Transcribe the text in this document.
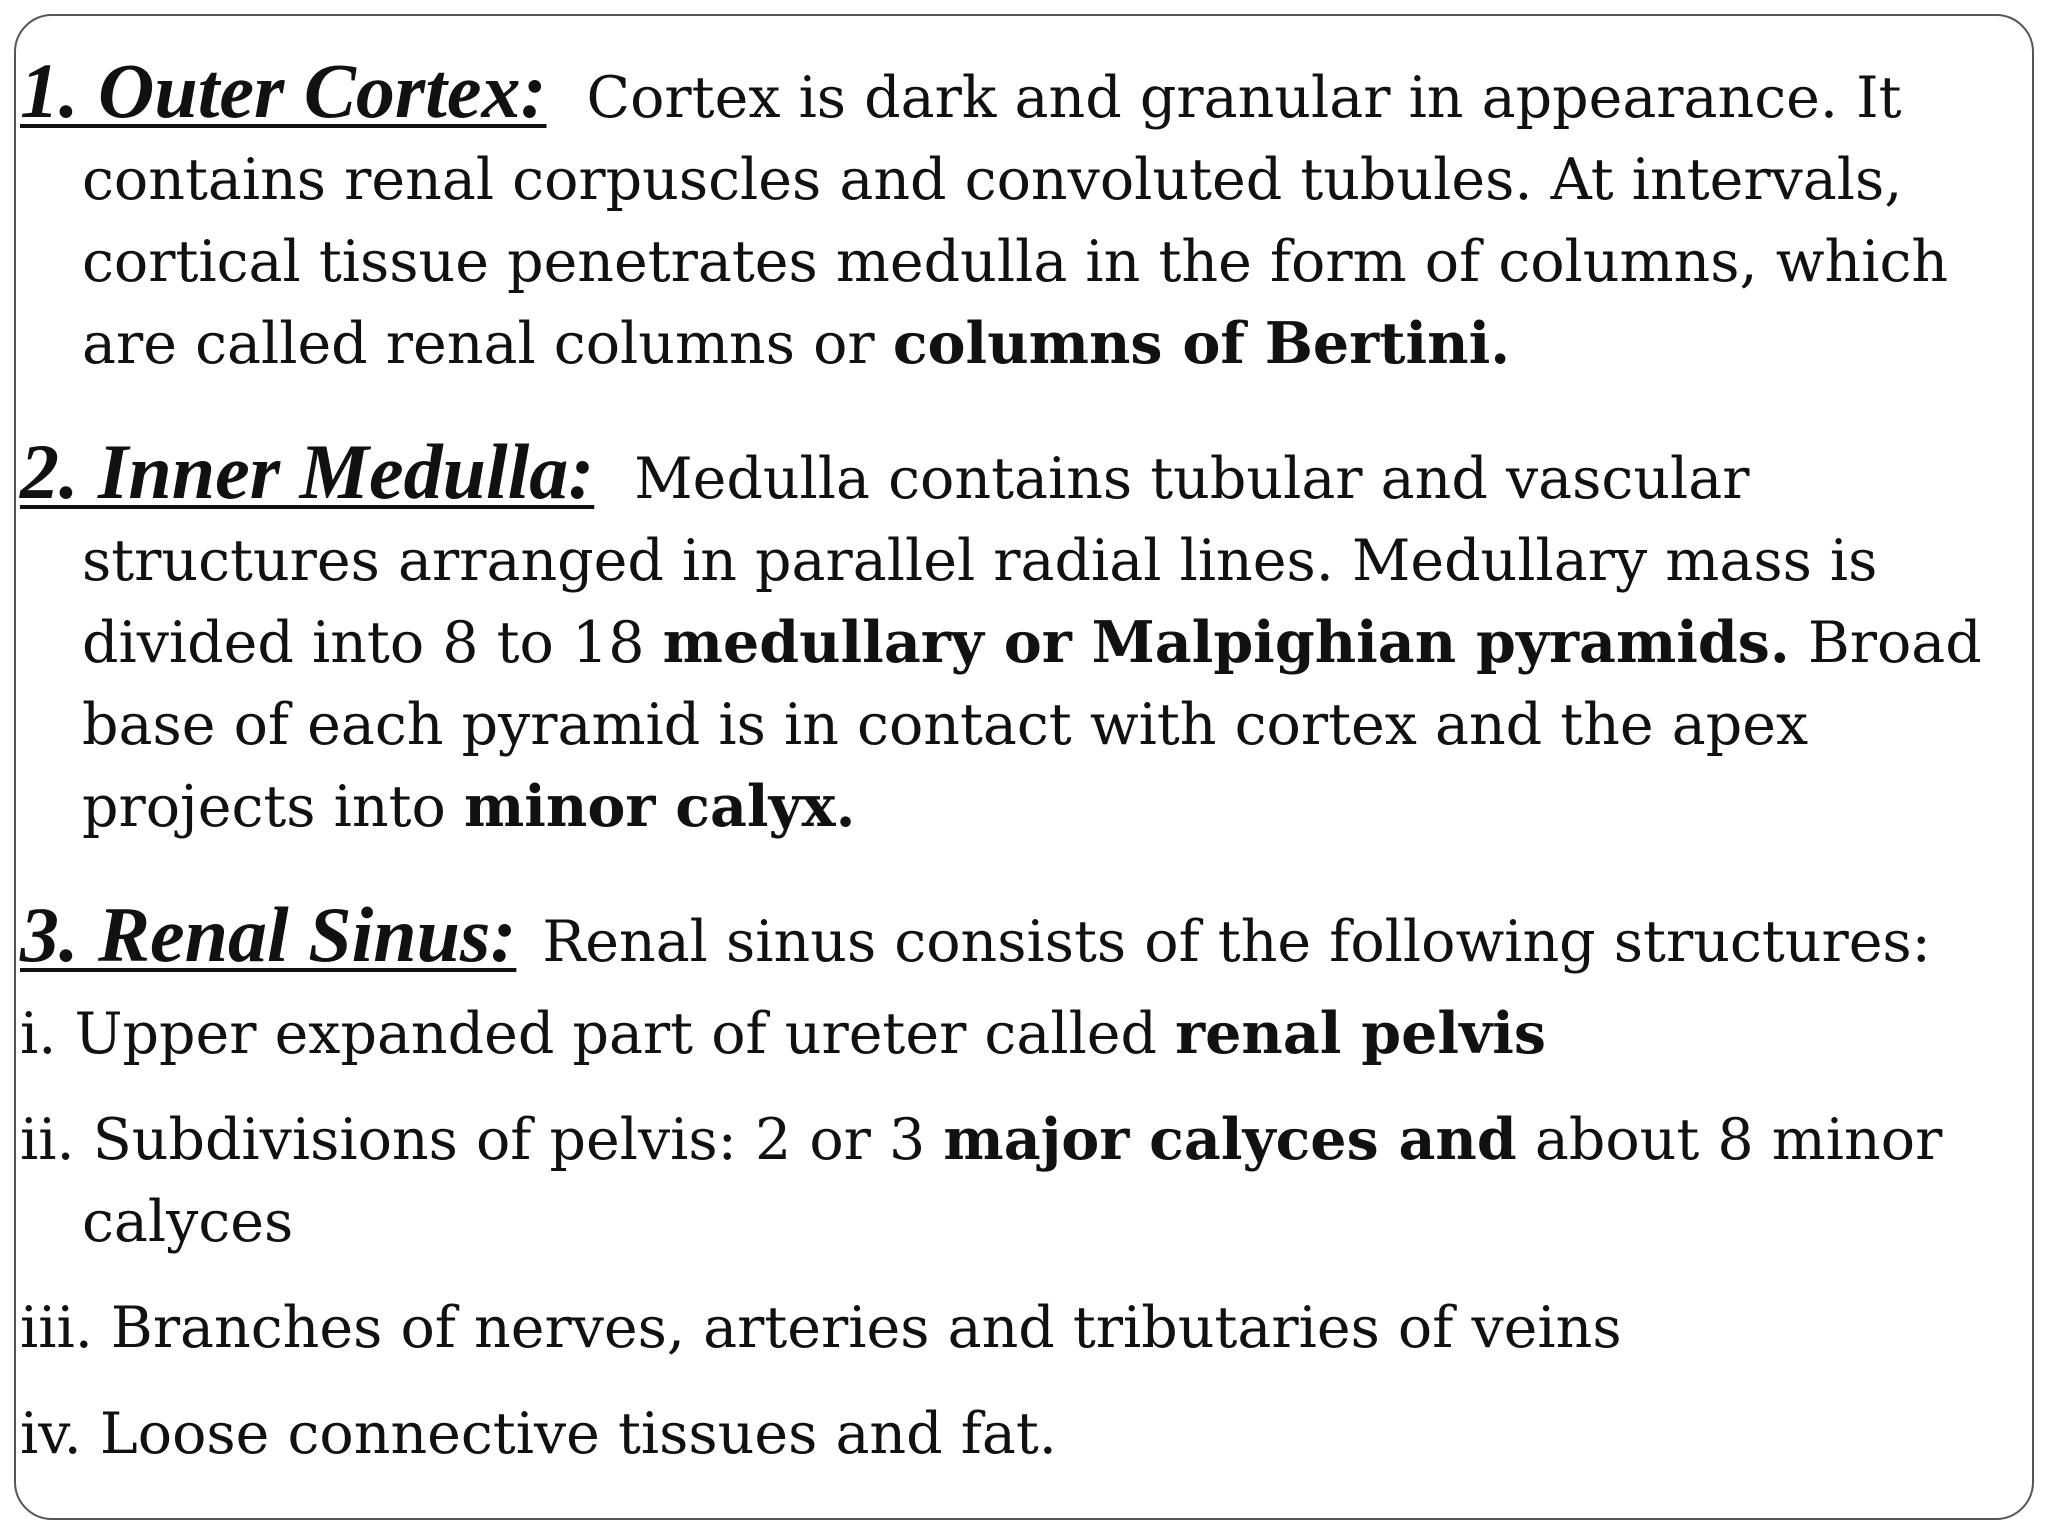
1. Outer Cortex: Cortex is dark and granular in appearance. It contains renal corpuscles and convoluted tubules. At intervals, cortical tissue penetrates medulla in the form of columns, which are called renal columns or columns of Bertini.

2. Inner Medulla: Medulla contains tubular and vascular structures arranged in parallel radial lines. Medullary mass is divided into 8 to 18 medullary or Malpighian pyramids. Broad base of each pyramid is in contact with cortex and the apex projects into minor calyx.

3. Renal Sinus: Renal sinus consists of the following structures:

i. Upper expanded part of ureter called renal pelvis
ii. Subdivisions of pelvis: 2 or 3 major calyces and about 8 minor calyces
iii. Branches of nerves, arteries and tributaries of veins
iv. Loose connective tissues and fat.
